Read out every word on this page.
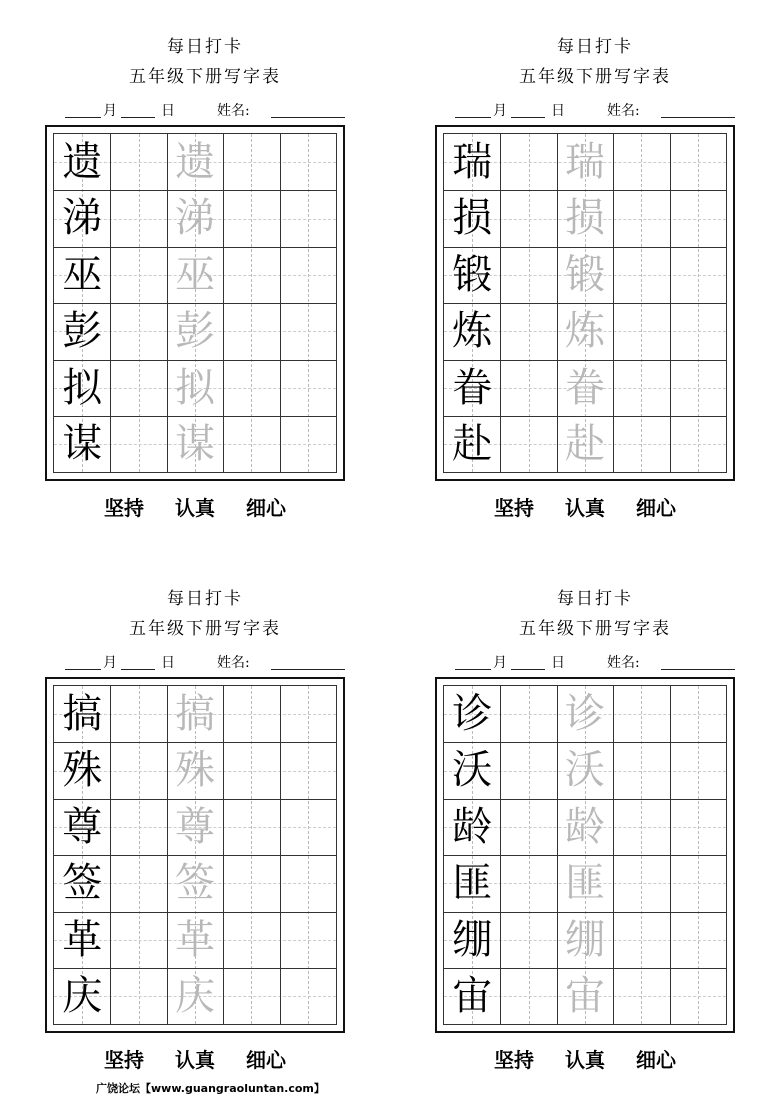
每日打卡
五年级下册写字表
月	日	姓名:
遗 遗
涕 涕
巫 巫
彭 彭
拟 拟
谋 谋
坚持 认真 细心
每日打卡
五年级下册写字表
月	日	姓名:
瑞 瑞
损 损
锻 锻
炼 炼
眷 眷
赴 赴
坚持 认真 细心
每日打卡
五年级下册写字表
月	日	姓名:
搞 搞
殊 殊
尊 尊
签 签
革 革
庆 庆
坚持 认真 细心
每日打卡
五年级下册写字表
月	日	姓名:
诊 诊
沃 沃
龄 龄
匪 匪
绷 绷
宙 宙
坚持 认真 细心
广饶论坛【www.guangraoluntan.com】
